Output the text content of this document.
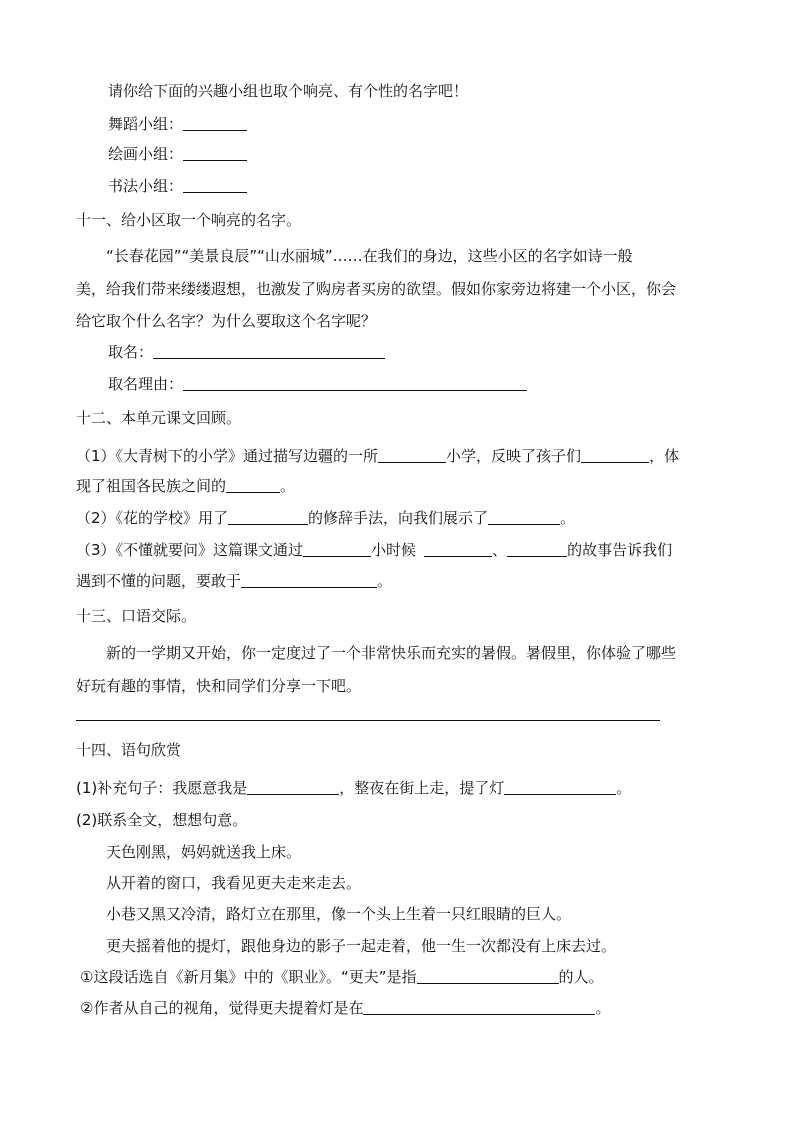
请你给下面的兴趣小组也取个响亮、有个性的名字吧！
舞蹈小组：
绘画小组：
书法小组：
十一、给小区取一个响亮的名字。
“长春花园”“美景良辰”“山水丽城”……在我们的身边，这些小区的名字如诗一般
美，给我们带来缕缕遐想，也激发了购房者买房的欲望。假如你家旁边将建一个小区，你会
给它取个什么名字？为什么要取这个名字呢？
取名：
取名理由：
十二、本单元课文回顾。
（1）《大青树下的小学》通过描写边疆的一所	小学，反映了孩子们	，体
现了祖国各民族之间的	。
（2）《花的学校》用了	的修辞手法，向我们展示了	。
（3）《不懂就要问》这篇课文通过	小时候	、	的故事告诉我们
遇到不懂的问题，要敢于	。
十三、口语交际。
新的一学期又开始，你一定度过了一个非常快乐而充实的暑假。暑假里，你体验了哪些
好玩有趣的事情，快和同学们分享一下吧。
十四、语句欣赏
(1)补充句子：我愿意我是	，整夜在街上走，提了灯	。
(2)联系全文，想想句意。
天色刚黑，妈妈就送我上床。
从开着的窗口，我看见更夫走来走去。
小巷又黑又冷清，路灯立在那里，像一个头上生着一只红眼睛的巨人。
更夫摇着他的提灯，跟他身边的影子一起走着，他一生一次都没有上床去过。
①这段话选自《新月集》中的《职业》。“更夫”是指	的人。
②作者从自己的视角，觉得更夫提着灯是在	。
